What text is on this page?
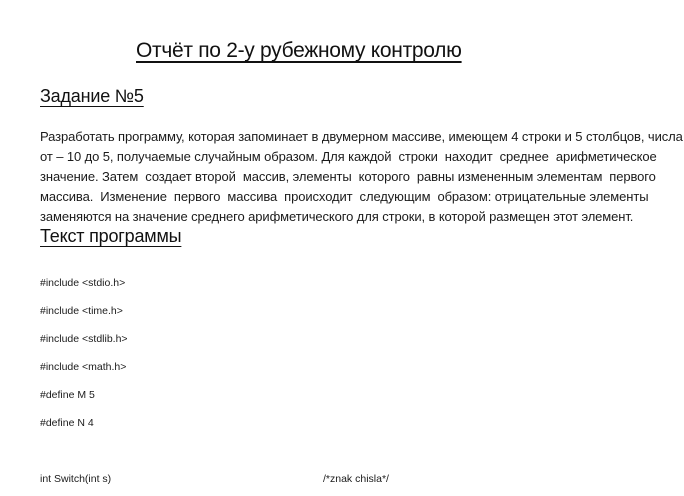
Отчёт по 2-у рубежному контролю
Задание №5
Разработать программу, которая запоминает в двумерном массиве, имеющем 4 строки и 5 столбцов, числа
от – 10 до 5, получаемые случайным образом. Для каждой  строки  находит  среднее  арифметическое
значение. Затем  создает второй  массив, элементы  которого  равны измененным элементам  первого
массива.  Изменение  первого  массива  происходит  следующим  образом: отрицательные элементы
заменяются на значение среднего арифметического для строки, в которой размещен этот элемент.
Текст программы
#include <stdio.h>
#include <time.h>
#include <stdlib.h>
#include <math.h>
#define M 5
#define N 4
int Switch(int s)	/*znak chisla*/
